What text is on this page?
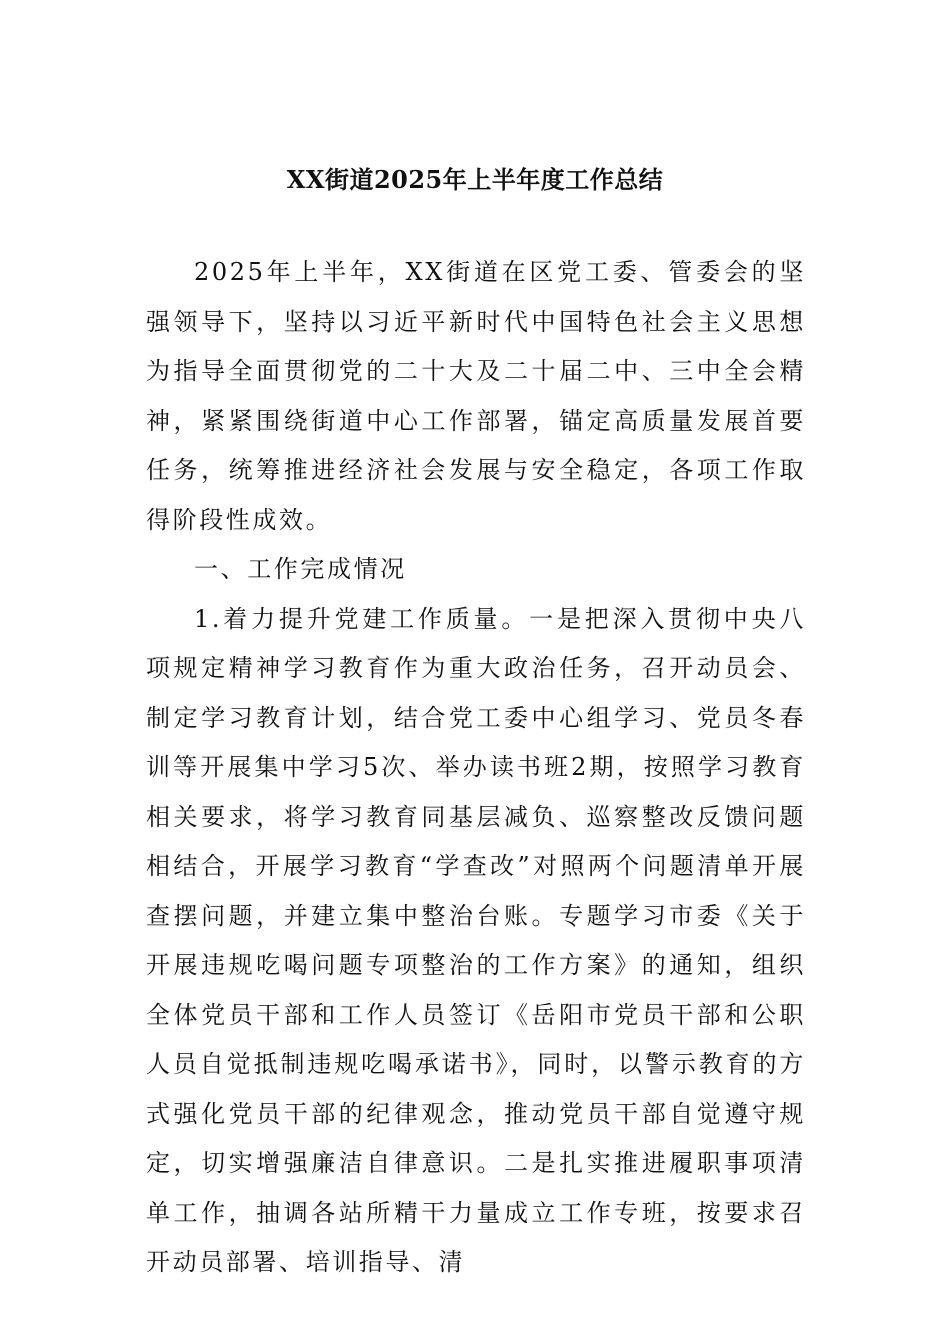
XX街道2025年上半年度工作总结

2025年上半年，XX街道在区党工委、管委会的坚强领导下，坚持以习近平新时代中国特色社会主义思想为指导全面贯彻党的二十大及二十届二中、三中全会精神，紧紧围绕街道中心工作部署，锚定高质量发展首要任务，统筹推进经济社会发展与安全稳定，各项工作取得阶段性成效。

一、工作完成情况

1.着力提升党建工作质量。一是把深入贯彻中央八项规定精神学习教育作为重大政治任务，召开动员会、制定学习教育计划，结合党工委中心组学习、党员冬春训等开展集中学习5次、举办读书班2期，按照学习教育相关要求，将学习教育同基层减负、巡察整改反馈问题相结合，开展学习教育“学查改”对照两个问题清单开展查摆问题，并建立集中整治台账。专题学习市委《关于开展违规吃喝问题专项整治的工作方案》的通知，组织全体党员干部和工作人员签订《岳阳市党员干部和公职人员自觉抵制违规吃喝承诺书》，同时，以警示教育的方式强化党员干部的纪律观念，推动党员干部自觉遵守规定，切实增强廉洁自律意识。二是扎实推进履职事项清单工作，抽调各站所精干力量成立工作专班，按要求召开动员部署、培训指导、清
